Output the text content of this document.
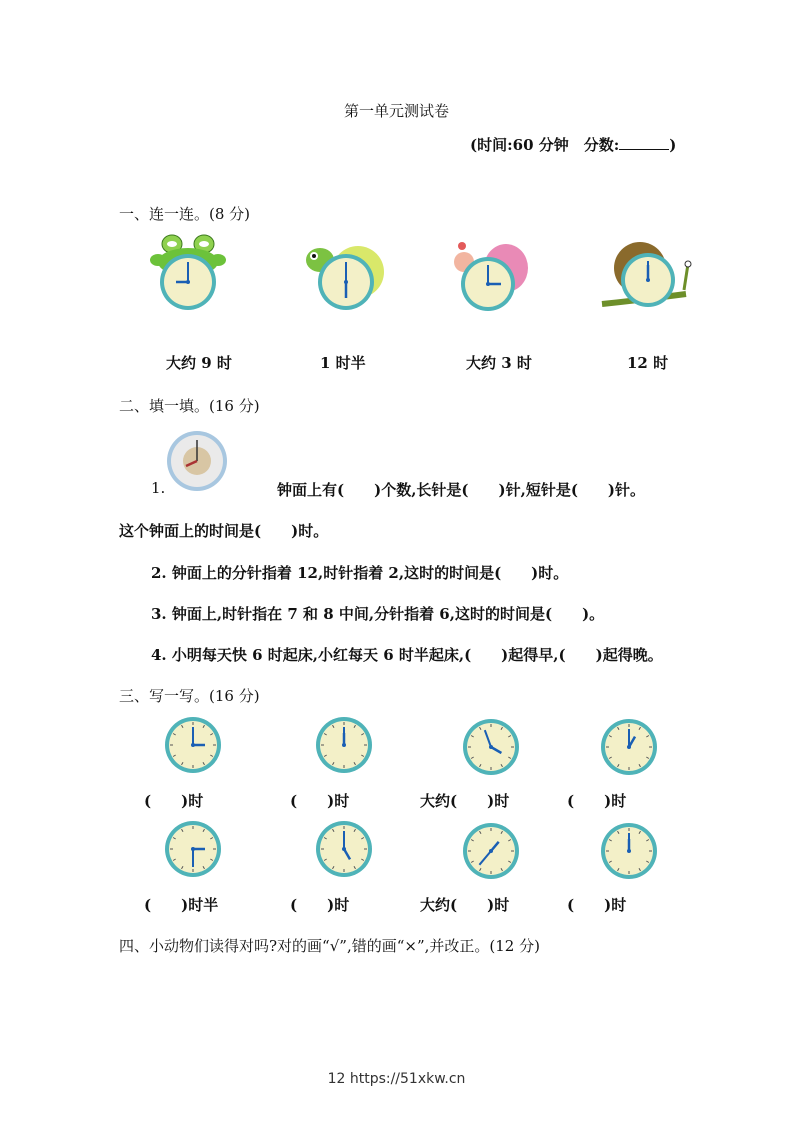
第一单元测试卷
(时间:60 分钟　分数:	)
一、连一连。(8 分)
大约 9 时	1 时半	大约 3 时	12 时
二、填一填。(16 分)
1.	钟面上有(　　)个数,长针是(　　)针,短针是(　　)针。
这个钟面上的时间是(　　)时。
2. 钟面上的分针指着 12,时针指着 2,这时的时间是(　　)时。
3. 钟面上,时针指在 7 和 8 中间,分针指着 6,这时的时间是(　　)。
4. 小明每天快 6 时起床,小红每天 6 时半起床,(　　)起得早,(　　)起得晚。
三、写一写。(16 分)
(　　)时	(　　)时	大约(　　)时	(　　)时
(　　)时半	(　　)时	大约(　　)时	(　　)时
四、小动物们读得对吗?对的画“√”,错的画“×”,并改正。(12 分)
12 https://51xkw.cn
